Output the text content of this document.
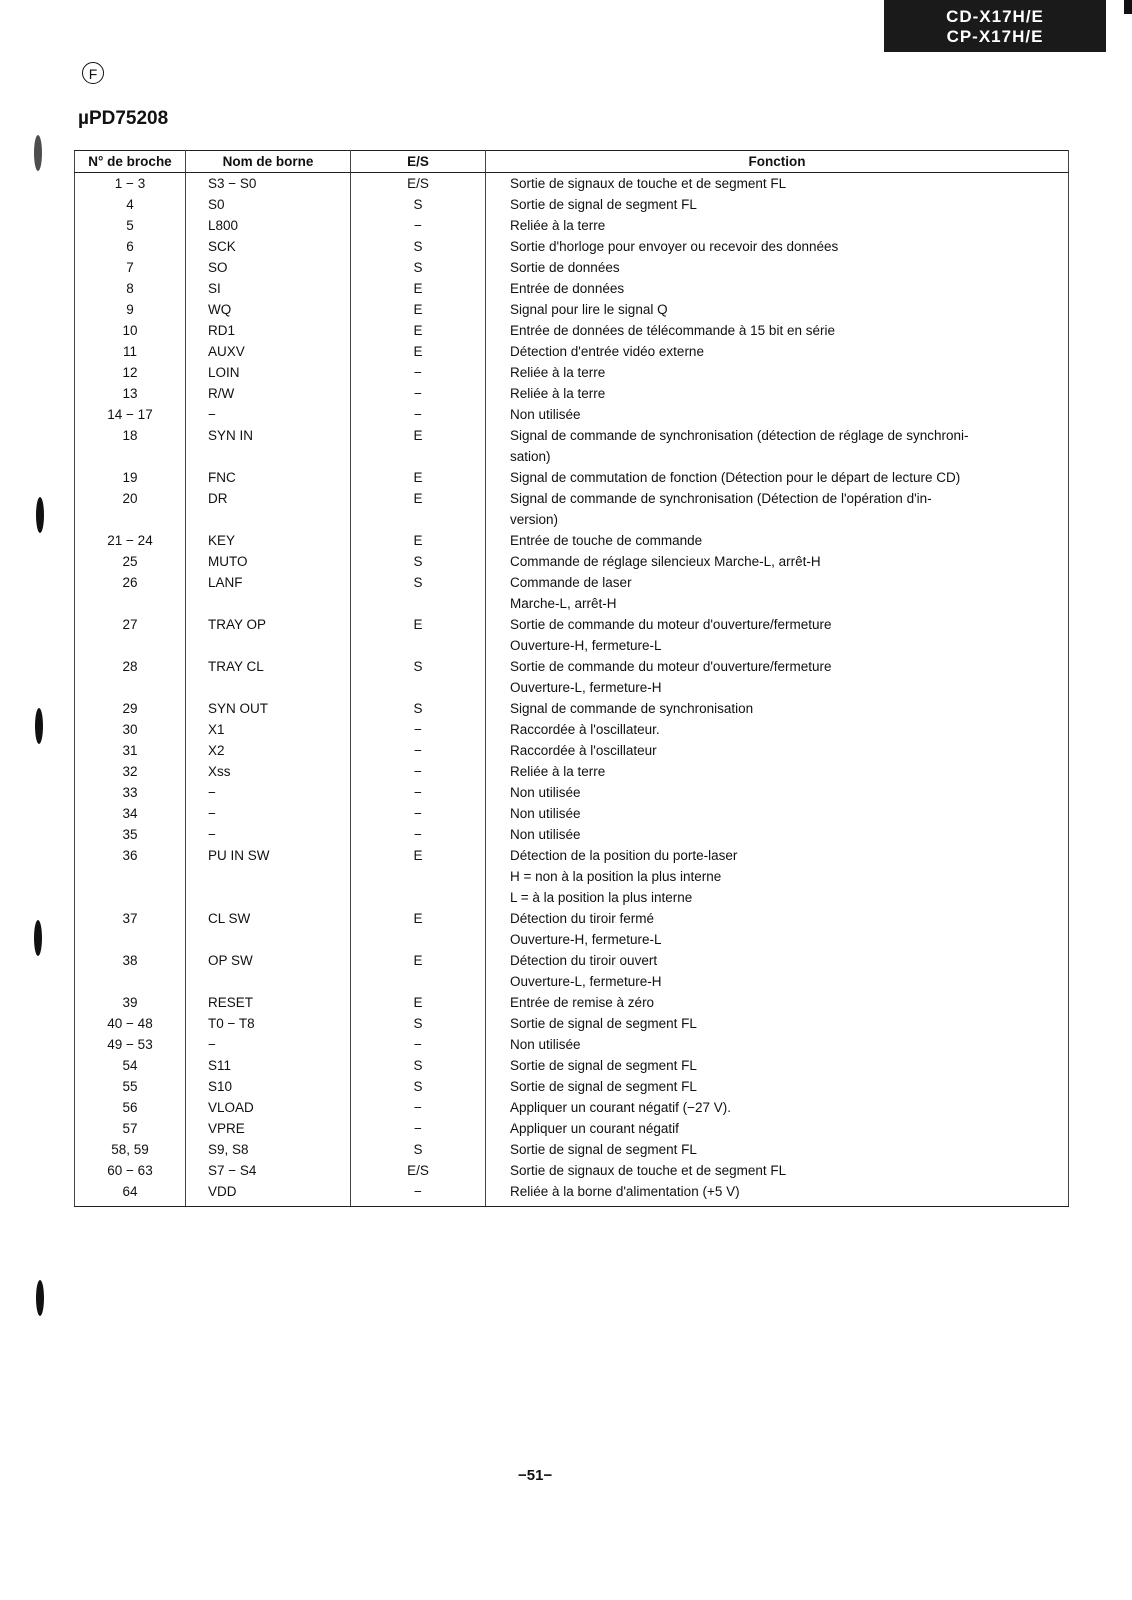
CD-X17H/E
CP-X17H/E
F
µPD75208
N° de broche	Nom de borne	E/S	Fonction
1 − 3	S3 − S0	E/S	Sortie de signaux de touche et de segment FL

4	S0	S	Sortie de signal de segment FL

5	L800	−	Reliée à la terre

6	SCK	S	Sortie d'horloge pour envoyer ou recevoir des données

7	SO	S	Sortie de données

8	SI	E	Entrée de données

9	WQ	E	Signal pour lire le signal Q

10	RD1	E	Entrée de données de télécommande à 15 bit en série

11	AUXV	E	Détection d'entrée vidéo externe

12	LOIN	−	Reliée à la terre

13	R/W	−	Reliée à la terre

14 − 17	−	−	Non utilisée

18	SYN IN	E	Signal de commande de synchronisation (détection de réglage de synchroni-
sation)

19	FNC	E	Signal de commutation de fonction (Détection pour le départ de lecture CD)

20	DR	E	Signal de commande de synchronisation (Détection de l'opération d'in-
version)

21 − 24	KEY	E	Entrée de touche de commande

25	MUTO	S	Commande de réglage silencieux Marche-L, arrêt-H

26	LANF	S	Commande de laser
Marche-L, arrêt-H

27	TRAY OP	E	Sortie de commande du moteur d'ouverture/fermeture
Ouverture-H, fermeture-L

28	TRAY CL	S	Sortie de commande du moteur d'ouverture/fermeture
Ouverture-L, fermeture-H

29	SYN OUT	S	Signal de commande de synchronisation

30	X1	−	Raccordée à l'oscillateur.

31	X2	−	Raccordée à l'oscillateur

32	Xss	−	Reliée à la terre

33	−	−	Non utilisée

34	−	−	Non utilisée

35	−	−	Non utilisée

36	PU IN SW	E	Détection de la position du porte-laser
H = non à la position la plus interne
L = à la position la plus interne

37	CL SW	E	Détection du tiroir fermé
Ouverture-H, fermeture-L

38	OP SW	E	Détection du tiroir ouvert
Ouverture-L, fermeture-H

39	RESET	E	Entrée de remise à zéro

40 − 48	T0 − T8	S	Sortie de signal de segment FL

49 − 53	−	−	Non utilisée

54	S11	S	Sortie de signal de segment FL

55	S10	S	Sortie de signal de segment FL

56	VLOAD	−	Appliquer un courant négatif (−27 V).

57	VPRE	−	Appliquer un courant négatif

58, 59	S9, S8	S	Sortie de signal de segment FL

60 − 63	S7 − S4	E/S	Sortie de signaux de touche et de segment FL

64	VDD	−	Reliée à la borne d'alimentation (+5 V)
−51−
